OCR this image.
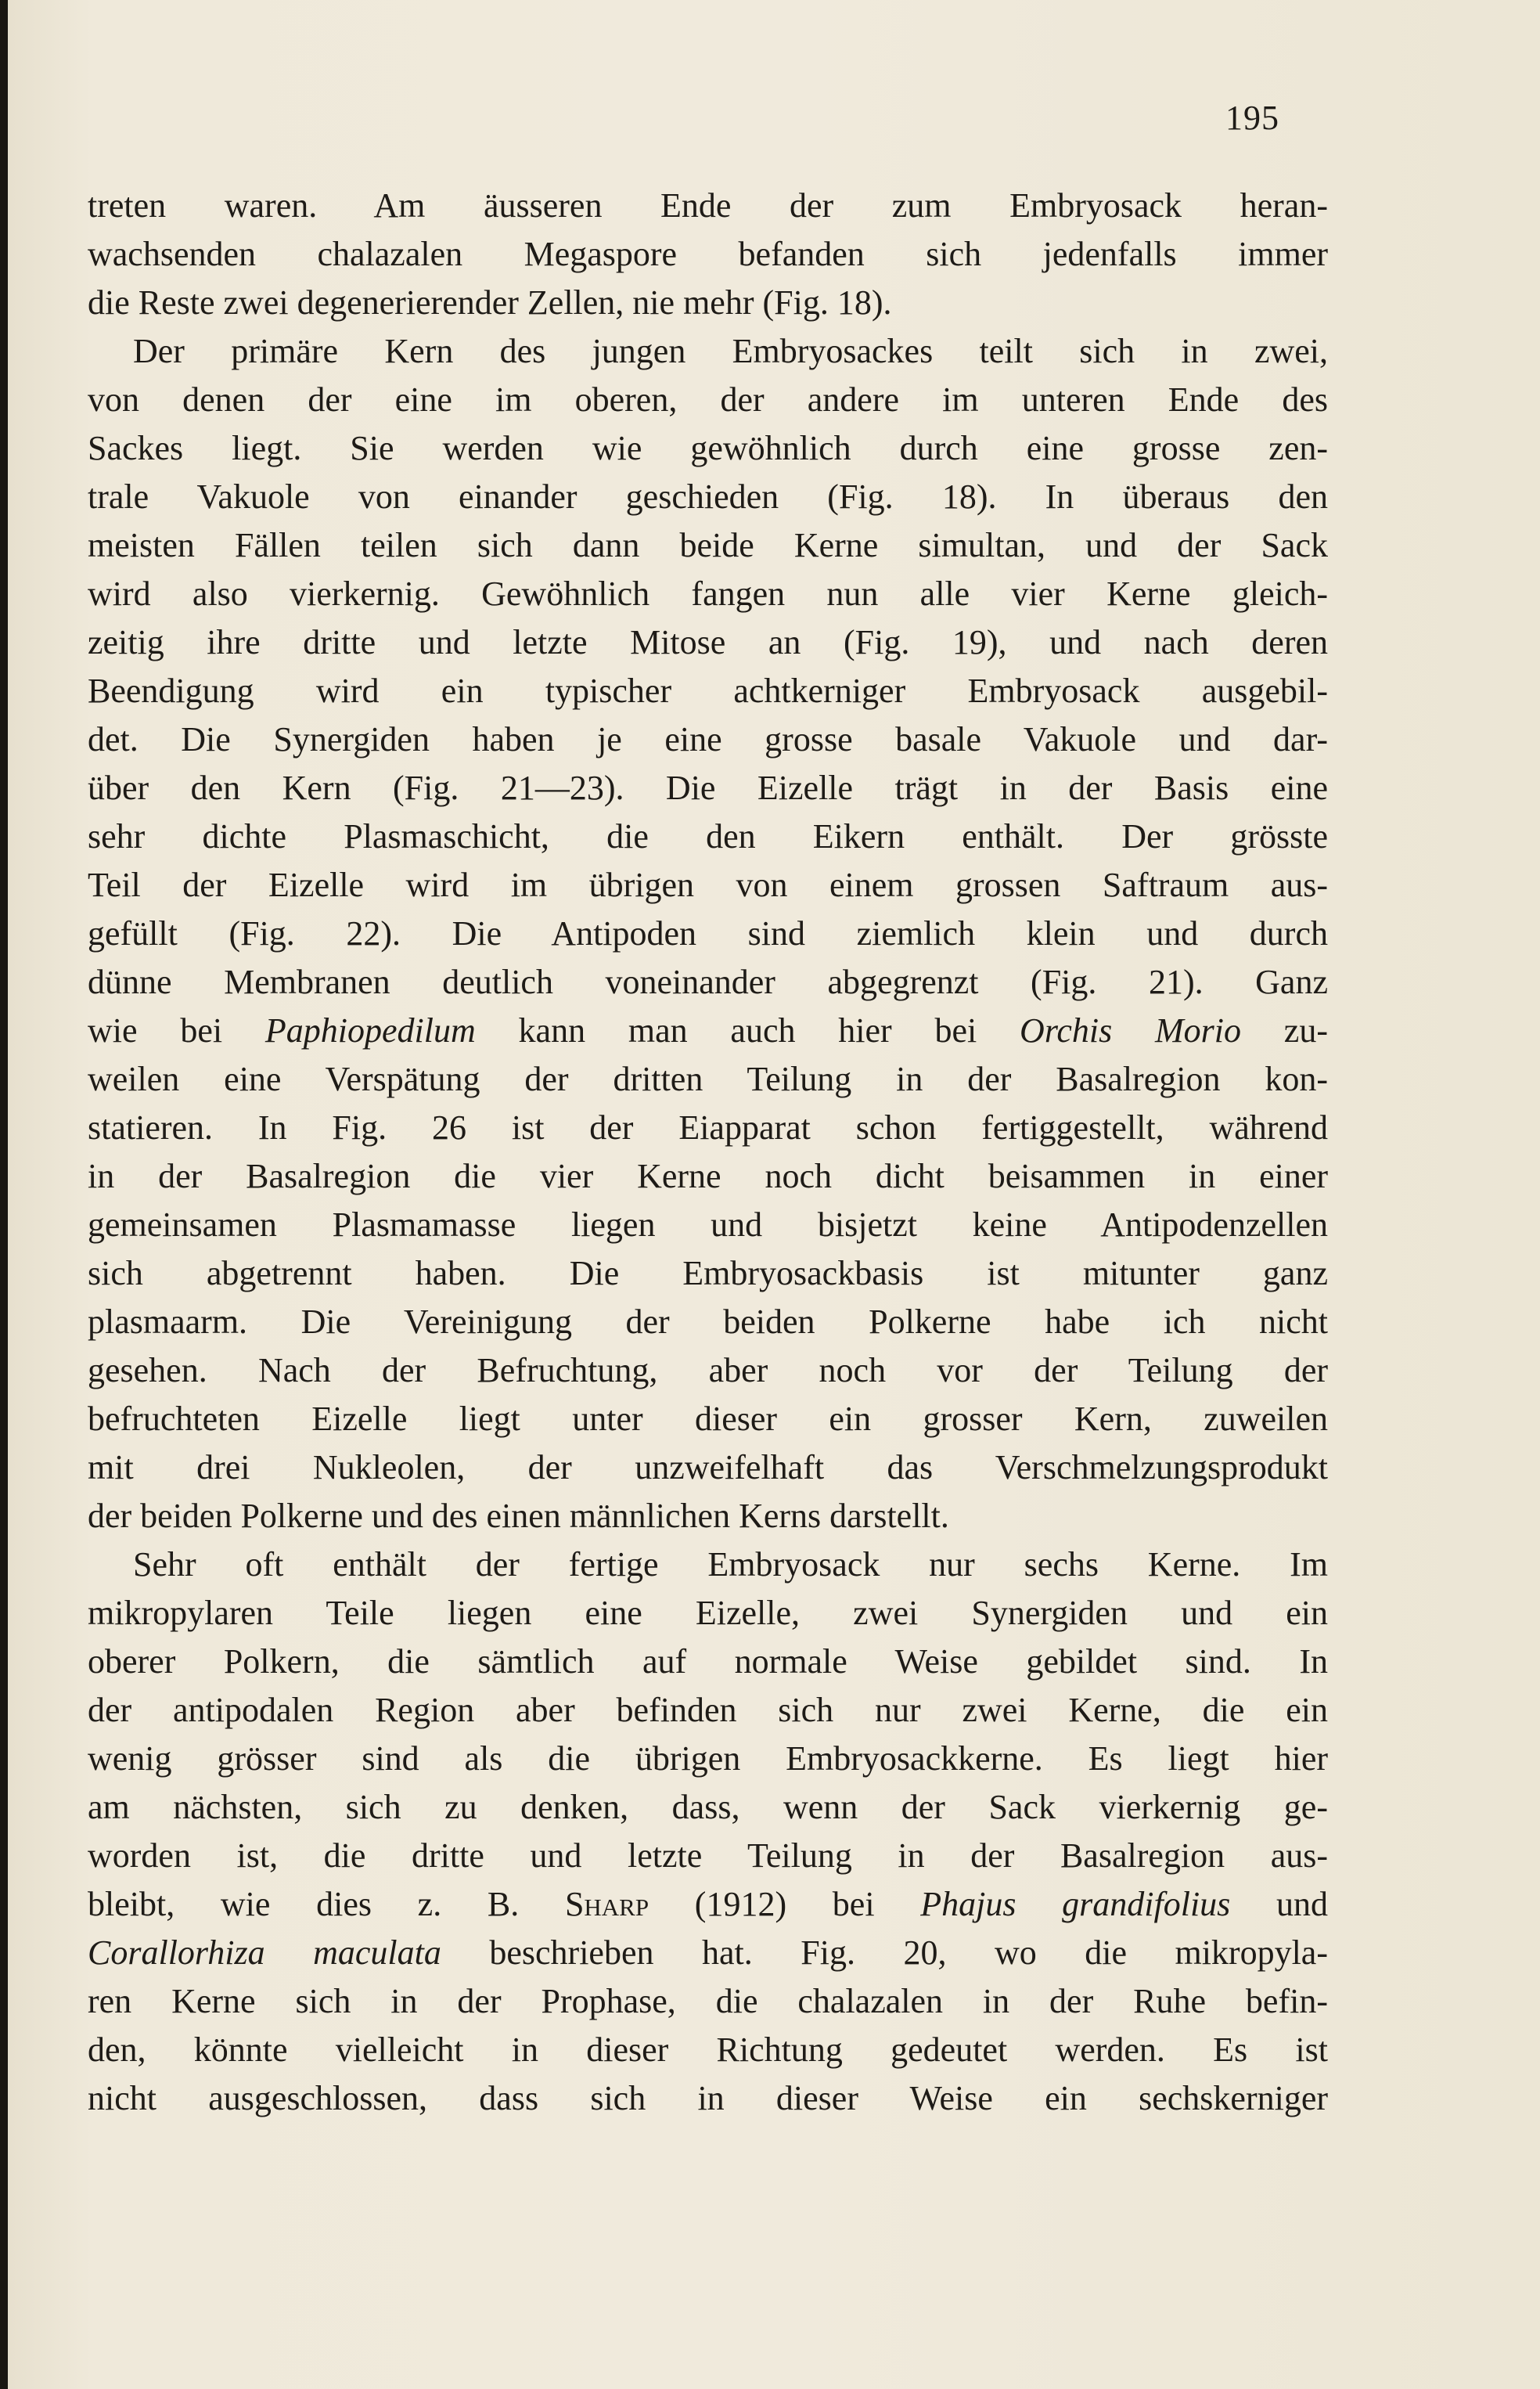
195
treten waren. Am äusseren Ende der zum Embryosack heran-
wachsenden chalazalen Megaspore befanden sich jedenfalls immer
die Reste zwei degenerierender Zellen, nie mehr (Fig. 18).
Der primäre Kern des jungen Embryosackes teilt sich in zwei,
von denen der eine im oberen, der andere im unteren Ende des
Sackes liegt. Sie werden wie gewöhnlich durch eine grosse zen-
trale Vakuole von einander geschieden (Fig. 18). In überaus den
meisten Fällen teilen sich dann beide Kerne simultan, und der Sack
wird also vierkernig. Gewöhnlich fangen nun alle vier Kerne gleich-
zeitig ihre dritte und letzte Mitose an (Fig. 19), und nach deren
Beendigung wird ein typischer achtkerniger Embryosack ausgebil-
det. Die Synergiden haben je eine grosse basale Vakuole und dar-
über den Kern (Fig. 21—23). Die Eizelle trägt in der Basis eine
sehr dichte Plasmaschicht, die den Eikern enthält. Der grösste
Teil der Eizelle wird im übrigen von einem grossen Saftraum aus-
gefüllt (Fig. 22). Die Antipoden sind ziemlich klein und durch
dünne Membranen deutlich voneinander abgegrenzt (Fig. 21). Ganz
wie bei Paphiopedilum kann man auch hier bei Orchis Morio zu-
weilen eine Verspätung der dritten Teilung in der Basalregion kon-
statieren. In Fig. 26 ist der Eiapparat schon fertiggestellt, während
in der Basalregion die vier Kerne noch dicht beisammen in einer
gemeinsamen Plasmamasse liegen und bisjetzt keine Antipodenzellen
sich abgetrennt haben. Die Embryosackbasis ist mitunter ganz
plasmaarm. Die Vereinigung der beiden Polkerne habe ich nicht
gesehen. Nach der Befruchtung, aber noch vor der Teilung der
befruchteten Eizelle liegt unter dieser ein grosser Kern, zuweilen
mit drei Nukleolen, der unzweifelhaft das Verschmelzungsprodukt
der beiden Polkerne und des einen männlichen Kerns darstellt.
Sehr oft enthält der fertige Embryosack nur sechs Kerne. Im
mikropylaren Teile liegen eine Eizelle, zwei Synergiden und ein
oberer Polkern, die sämtlich auf normale Weise gebildet sind. In
der antipodalen Region aber befinden sich nur zwei Kerne, die ein
wenig grösser sind als die übrigen Embryosackkerne. Es liegt hier
am nächsten, sich zu denken, dass, wenn der Sack vierkernig ge-
worden ist, die dritte und letzte Teilung in der Basalregion aus-
bleibt, wie dies z. B. Sharp (1912) bei Phajus grandifolius und
Corallorhiza maculata beschrieben hat. Fig. 20, wo die mikropyla-
ren Kerne sich in der Prophase, die chalazalen in der Ruhe befin-
den, könnte vielleicht in dieser Richtung gedeutet werden. Es ist
nicht ausgeschlossen, dass sich in dieser Weise ein sechskerniger
